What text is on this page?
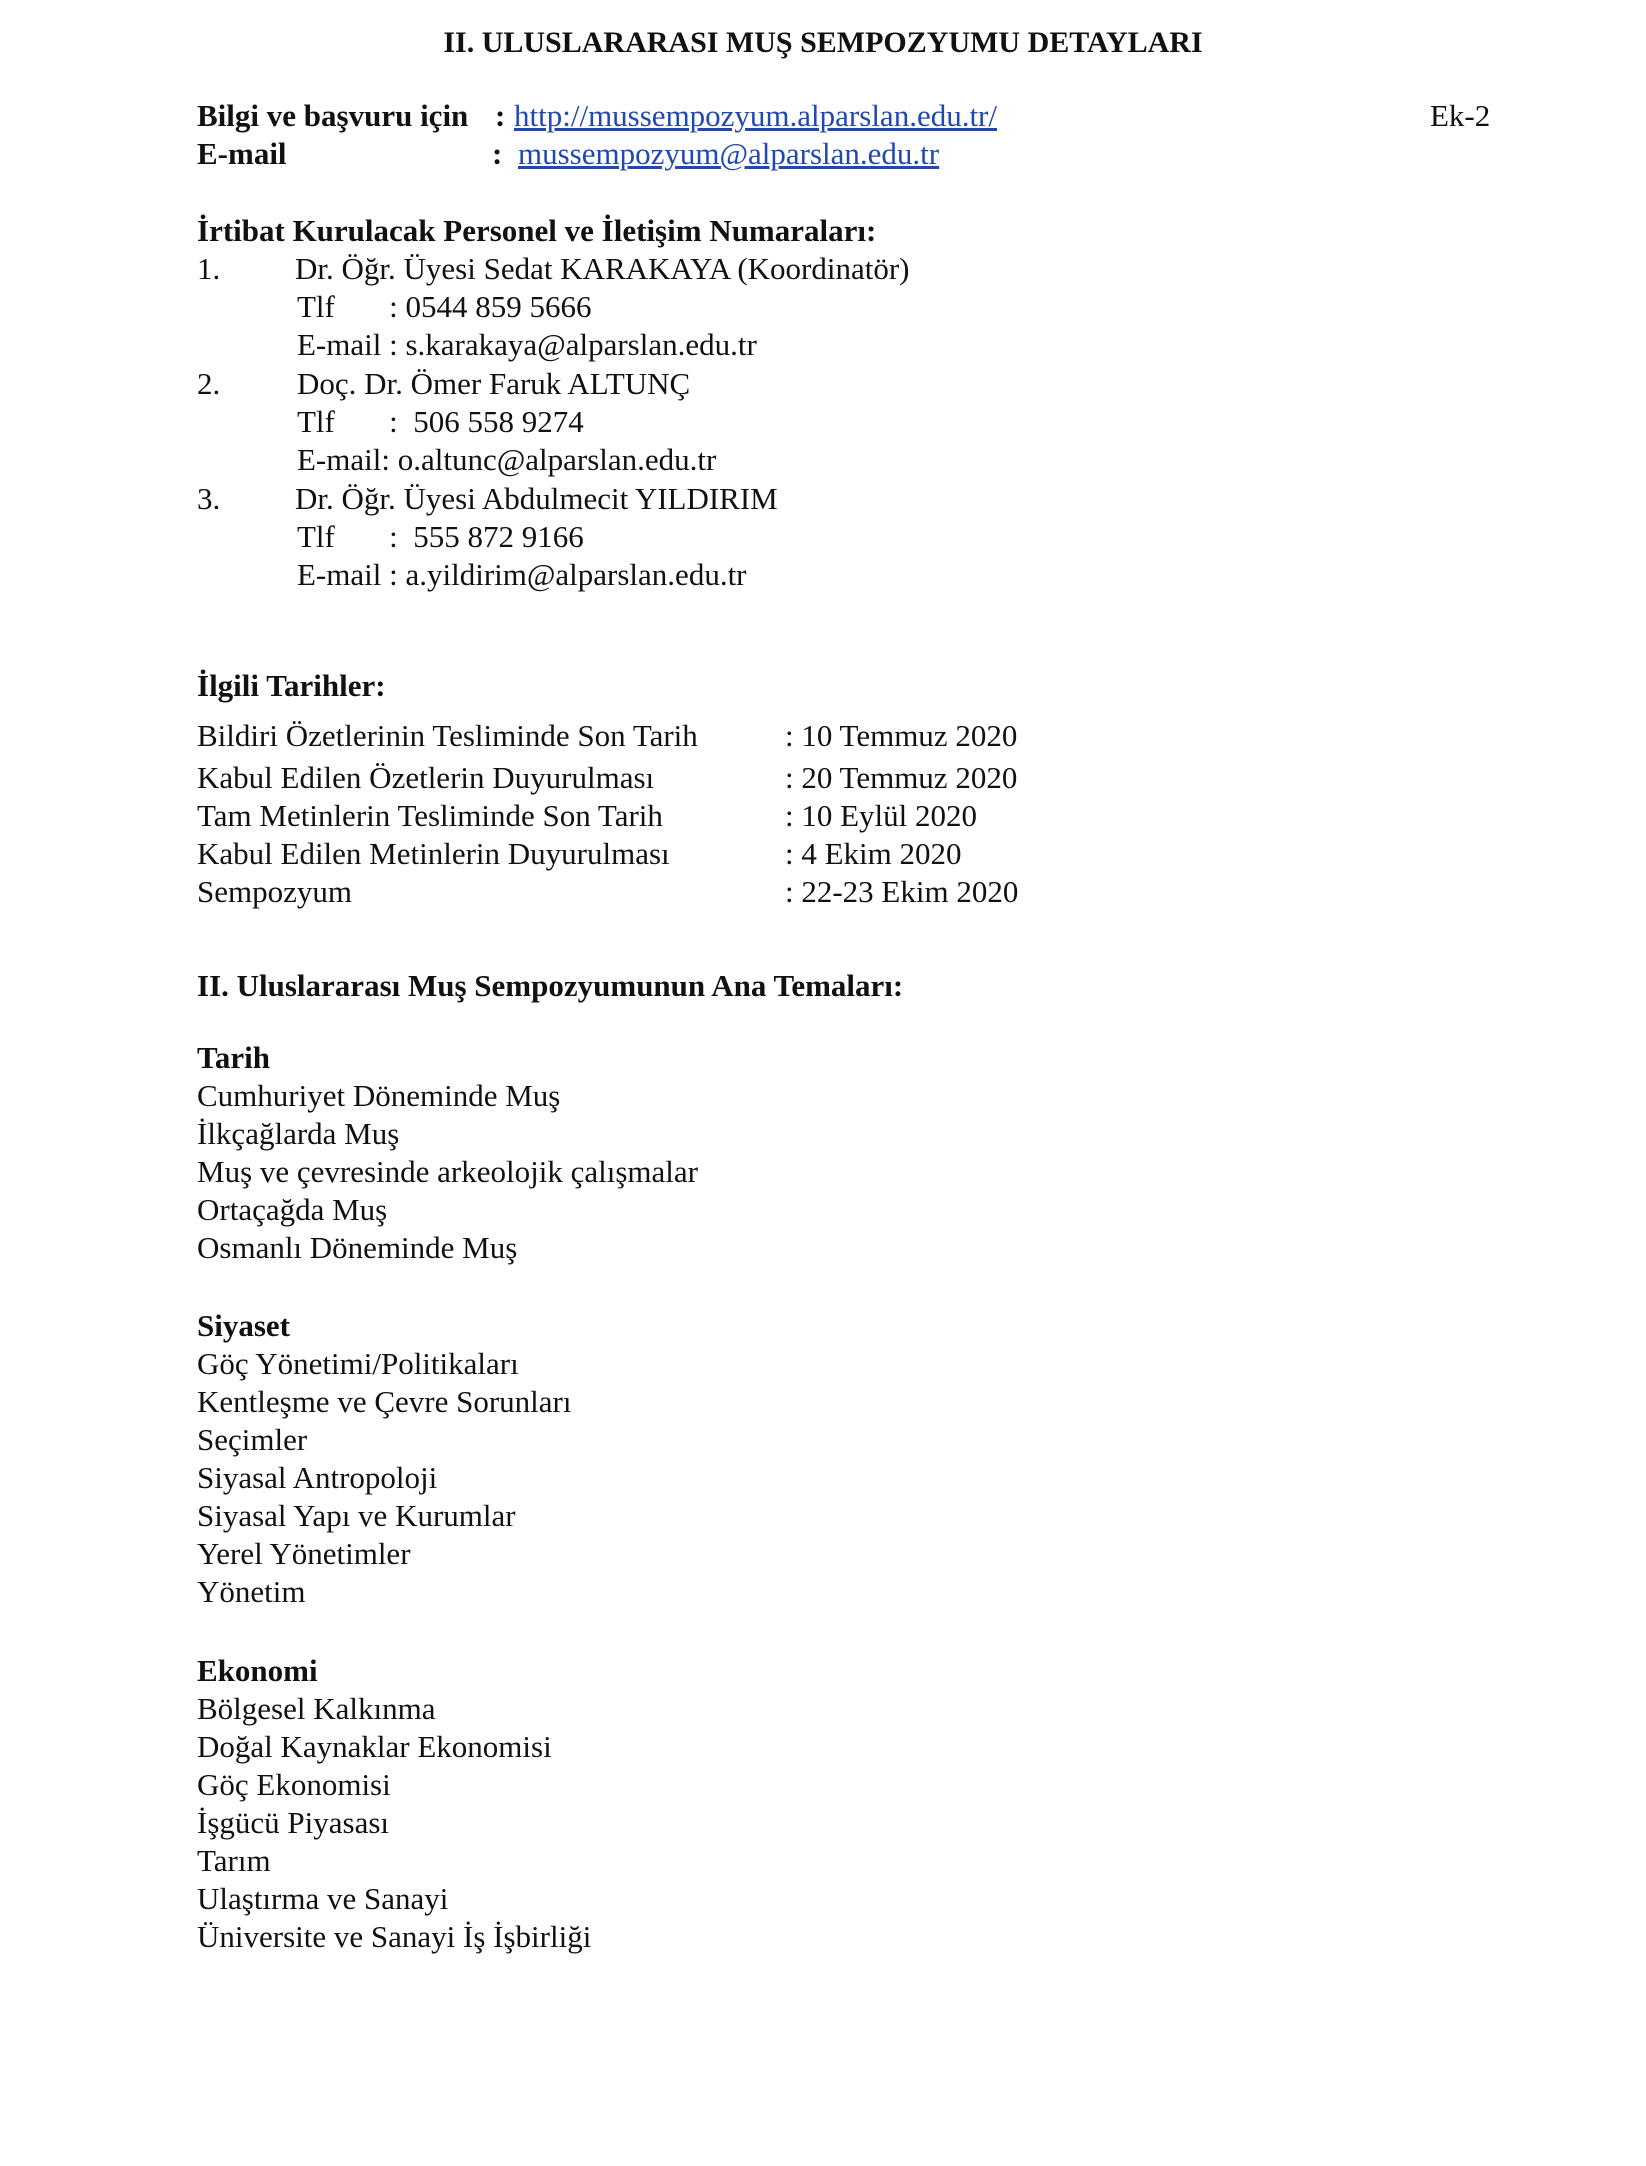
II. ULUSLARARASI MUŞ SEMPOZYUMU DETAYLARI
Ek-2
Bilgi ve başvuru için : http://mussempozyum.alparslan.edu.tr/
E-mail	: mussempozyum@alparslan.edu.tr
İrtibat Kurulacak Personel ve İletişim Numaraları:
1. Dr. Öğr. Üyesi Sedat KARAKAYA (Koordinatör)
Tlf       : 0544 859 5666
E-mail : s.karakaya@alparslan.edu.tr
2. Doç. Dr. Ömer Faruk ALTUNÇ
Tlf       :  506 558 9274
E-mail: o.altunc@alparslan.edu.tr
3. Dr. Öğr. Üyesi Abdulmecit YILDIRIM
Tlf       :  555 872 9166
E-mail : a.yildirim@alparslan.edu.tr
İlgili Tarihler:
Bildiri Özetlerinin Tesliminde Son Tarih	: 10 Temmuz 2020
Kabul Edilen Özetlerin Duyurulması	: 20 Temmuz 2020
Tam Metinlerin Tesliminde Son Tarih	: 10 Eylül 2020
Kabul Edilen Metinlerin Duyurulması	: 4 Ekim 2020
Sempozyum	: 22-23 Ekim 2020
II. Uluslararası Muş Sempozyumunun Ana Temaları:
Tarih
Cumhuriyet Döneminde Muş
İlkçağlarda Muş
Muş ve çevresinde arkeolojik çalışmalar
Ortaçağda Muş
Osmanlı Döneminde Muş
Siyaset
Göç Yönetimi/Politikaları
Kentleşme ve Çevre Sorunları
Seçimler
Siyasal Antropoloji
Siyasal Yapı ve Kurumlar
Yerel Yönetimler
Yönetim
Ekonomi
Bölgesel Kalkınma
Doğal Kaynaklar Ekonomisi
Göç Ekonomisi
İşgücü Piyasası
Tarım
Ulaştırma ve Sanayi
Üniversite ve Sanayi İş İşbirliği
